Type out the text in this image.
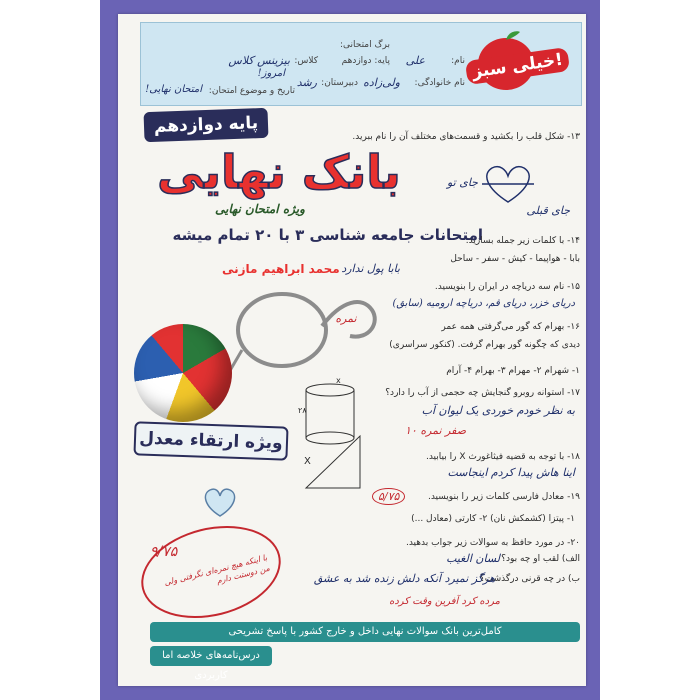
برگ امتحانی:
نام:
علی
پایه: دوازدهم
کلاس:
بیزینس کلاس
نام خانوادگی:
ولی‌زاده
دبیرستان:
رشد
تاریخ و موضوع امتحان:
امروز!
امتحان نهایی!
خیلی سبز!
پایه دوازدهم
بانک نهایی
ویژه امتحان نهایی
امتحانات جامعه شناسی ۳ با ۲۰ تمام میشه
محمد ابراهیم مازنی
۱۳- شکل قلب را بکشید و قسمت‌های مختلف آن را نام ببرید.
جای تو
جای قبلی
۱۴- با کلمات زیر جمله بسازید.
بابا - هواپیما - کیش - سفر - ساحل
بابا پول ندارد
۱۵- نام سه دریاچه در ایران را بنویسید.
دریای خزر، دریای قم، دریاچه ارومیه (سابق)
۱۶- بهرام که گور می‌گرفتی همه عمر
دیدی که چگونه گور بهرام گرفت. (کنکور سراسری)
۱- شهرام ۲- مهرام ۳- بهرام ۴- آرام
۱۷- استوانه روبرو گنجایش چه حجمی از آب را دارد؟
به نظر خودم خوردی یک لیوان آب
۲۸
x
۱۰ نمره
۱۰ صفر نمره
۱۸- با توجه به قضیه فیثاغورث X را بیابید.
X
اینا هاش پیدا کردم اینجاست
۱۹- معادل فارسی کلمات زیر را بنویسید.
۵/۷۵
۱- پیتزا (کشمکش نان) ۲- کارتی (معادل ...)
۲۰- در مورد حافظ به سوالات زیر جواب بدهید.
الف) لقب او چه بود؟
لسان الغیب
ب) در چه قرنی درگذشت؟
هرگز نمیرد آنکه دلش زنده شد به عشق
مرده کرد آفرین وقت کرده
ویژه ارتقاء معدل
۹/۷۵
با اینکه هیچ نمره‌ای نگرفتی ولی من دوستت دارم
کامل‌ترین بانک سوالات نهایی داخل و خارج کشور با پاسخ تشریحی
درس‌نامه‌های خلاصه اما کاربردی
